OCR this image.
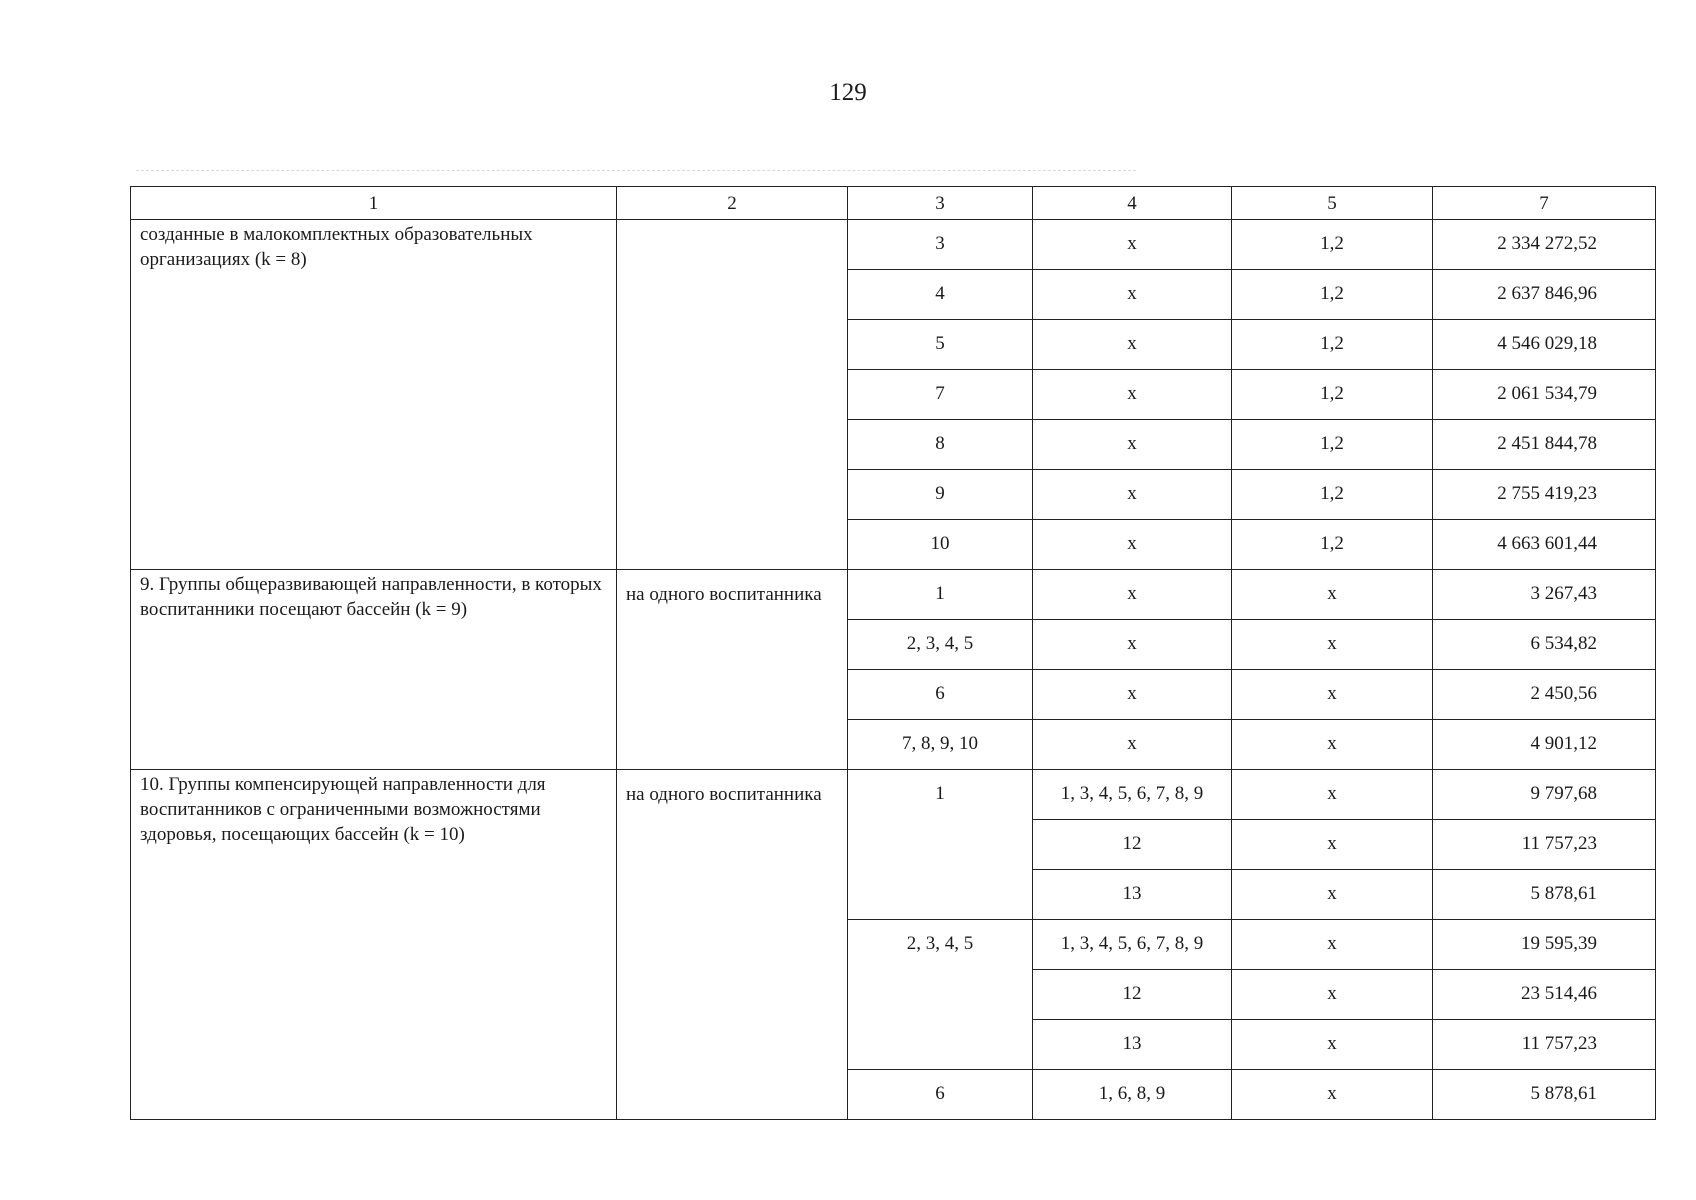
129
1	2	3	4	5	7
созданные в малокомплектных образовательных организациях (k = 8)		3	х	1,2	2 334 272,52
		4	х	1,2	2 637 846,96
		5	х	1,2	4 546 029,18
		7	х	1,2	2 061 534,79
		8	х	1,2	2 451 844,78
		9	х	1,2	2 755 419,23
		10	х	1,2	4 663 601,44
9. Группы общеразвивающей направленности, в которых воспитанники посещают бассейн (k = 9)	на одного воспитанника	1	х	х	3 267,43
		2, 3, 4, 5	х	х	6 534,82
		6	х	х	2 450,56
		7, 8, 9, 10	х	х	4 901,12
10. Группы компенсирующей направленности для воспитанников с ограниченными возможностями здоровья, посещающих бассейн (k = 10)	на одного воспитанника	1	1, 3, 4, 5, 6, 7, 8, 9	х	9 797,68
			12	х	11 757,23
			13	х	5 878,61
		2, 3, 4, 5	1, 3, 4, 5, 6, 7, 8, 9	х	19 595,39
			12	х	23 514,46
			13	х	11 757,23
		6	1, 6, 8, 9	х	5 878,61
